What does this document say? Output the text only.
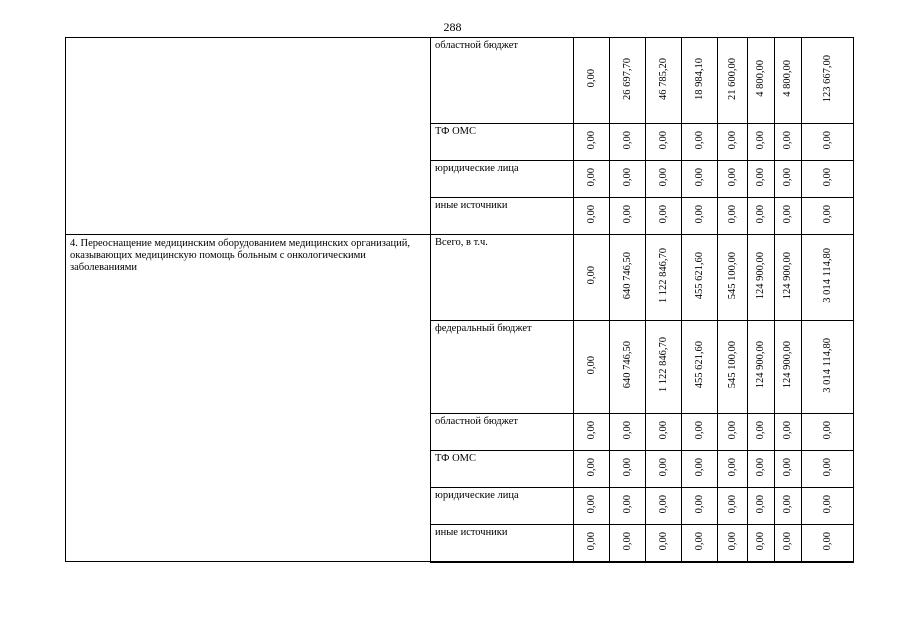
288
	областной бюджет	0,00	26 697,70	46 785,20	18 984,10	21 600,00	4 800,00	4 800,00	123 667,00
	ТФ ОМС	0,00	0,00	0,00	0,00	0,00	0,00	0,00	0,00
	юридические лица	0,00	0,00	0,00	0,00	0,00	0,00	0,00	0,00
	иные источники	0,00	0,00	0,00	0,00	0,00	0,00	0,00	0,00
4. Переоснащение медицинским оборудованием медицинских организаций, оказывающих медицинскую помощь больным с онкологическими заболеваниями	Всего, в т.ч.	0,00	640 746,50	1 122 846,70	455 621,60	545 100,00	124 900,00	124 900,00	3 014 114,80
	федеральный бюджет	0,00	640 746,50	1 122 846,70	455 621,60	545 100,00	124 900,00	124 900,00	3 014 114,80
	областной бюджет	0,00	0,00	0,00	0,00	0,00	0,00	0,00	0,00
	ТФ ОМС	0,00	0,00	0,00	0,00	0,00	0,00	0,00	0,00
	юридические лица	0,00	0,00	0,00	0,00	0,00	0,00	0,00	0,00
	иные источники	0,00	0,00	0,00	0,00	0,00	0,00	0,00	0,00
